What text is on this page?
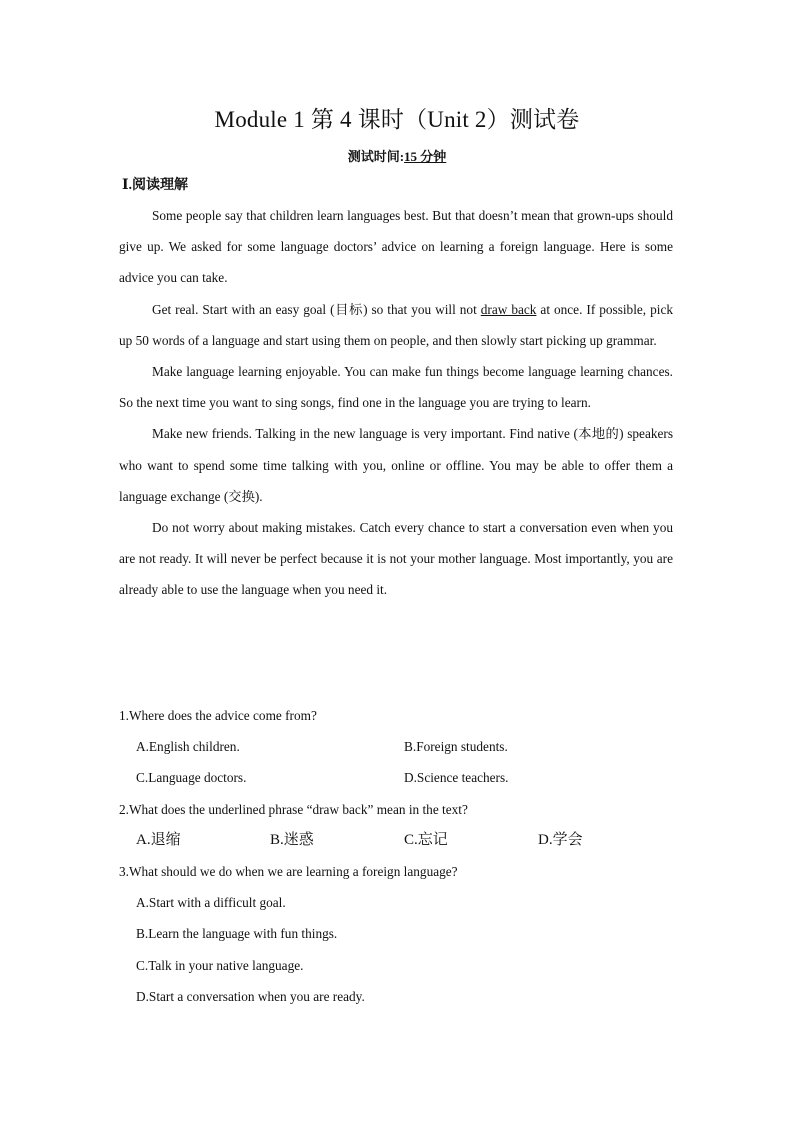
Module 1 第 4 课时（Unit 2）测试卷
测试时间:15 分钟
Ⅰ.阅读理解

Some people say that children learn languages best. But that doesn’t mean that grown-ups should give up. We asked for some language doctors’ advice on learning a foreign language. Here is some advice you can take.

Get real. Start with an easy goal (目标) so that you will not draw back at once. If possible, pick up 50 words of a language and start using them on people, and then slowly start picking up grammar.

Make language learning enjoyable. You can make fun things become language learning chances. So the next time you want to sing songs, find one in the language you are trying to learn.

Make new friends. Talking in the new language is very important. Find native (本地的) speakers who want to spend some time talking with you, online or offline. You may be able to offer them a language exchange (交换).

Do not worry about making mistakes. Catch every chance to start a conversation even when you are not ready. It will never be perfect because it is not your mother language. Most importantly, you are already able to use the language when you need it.

1.Where does the advice come from?

A.English children.	B.Foreign students.
C.Language doctors.	D.Science teachers.

2.What does the underlined phrase “draw back” mean in the text?

A.退缩	B.迷惑	C.忘记	D.学会

3.What should we do when we are learning a foreign language?

A.Start with a difficult goal.
B.Learn the language with fun things.
C.Talk in your native language.
D.Start a conversation when you are ready.
